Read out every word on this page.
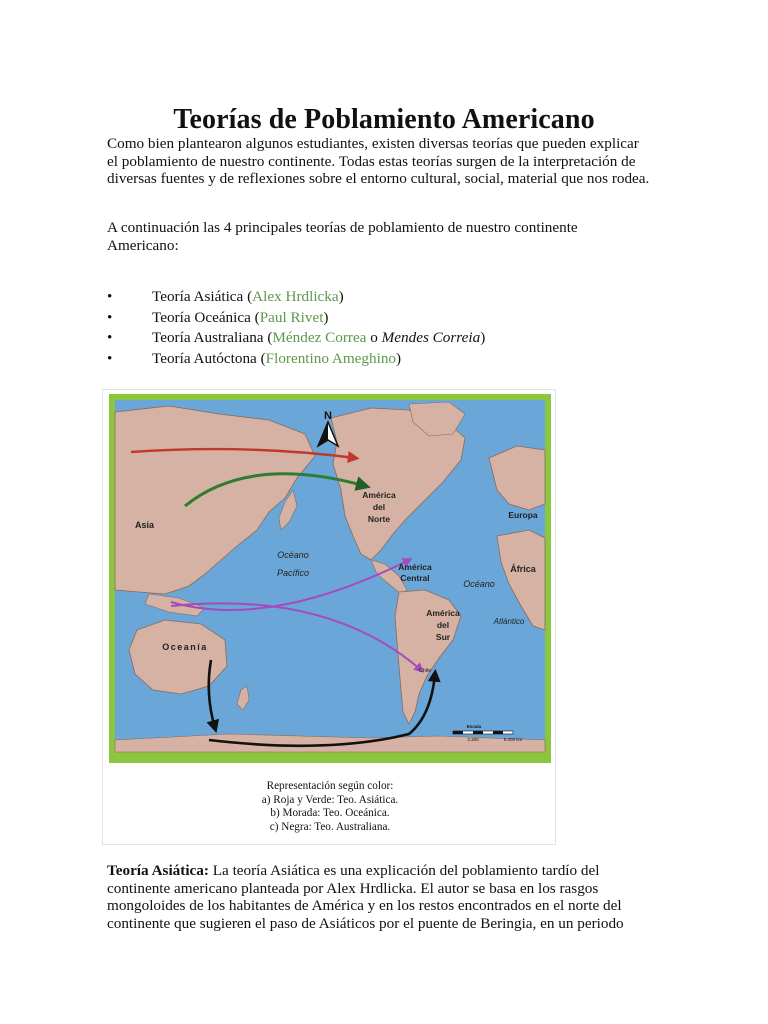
Teorías de Poblamiento Americano

Como bien plantearon algunos estudiantes, existen diversas teorías que pueden explicar el poblamiento de nuestro continente. Todas estas teorías surgen de la interpretación de diversas fuentes y de reflexiones sobre el entorno cultural, social, material que nos rodea.

A continuación las 4 principales teorías de poblamiento de nuestro continente Americano:

•	Teoría Asiática (Alex Hrdlicka)
•	Teoría Oceánica (Paul Rivet)
•	Teoría Australiana (Méndez Correa o Mendes Correia)
•	Teoría Autóctona (Florentino Ameghino)
N
Asia
América
del
Norte	Europa
Océano
Pacífico
América
Central
África
Océano
Atlántico
América
del
Sur
Oceanía
Chile
Escala
3.300	6.000 km
Representación según color:
a) Roja y Verde: Teo. Asiática.
b) Morada: Teo. Oceánica.
c) Negra: Teo. Australiana.

Teoría Asiática: La teoría Asiática es una explicación del poblamiento tardío del continente americano planteada por Alex Hrdlicka. El autor se basa en los rasgos mongoloides de los habitantes de América y en los restos encontrados en el norte del continente que sugieren el paso de Asiáticos por el puente de Beringia, en un periodo
